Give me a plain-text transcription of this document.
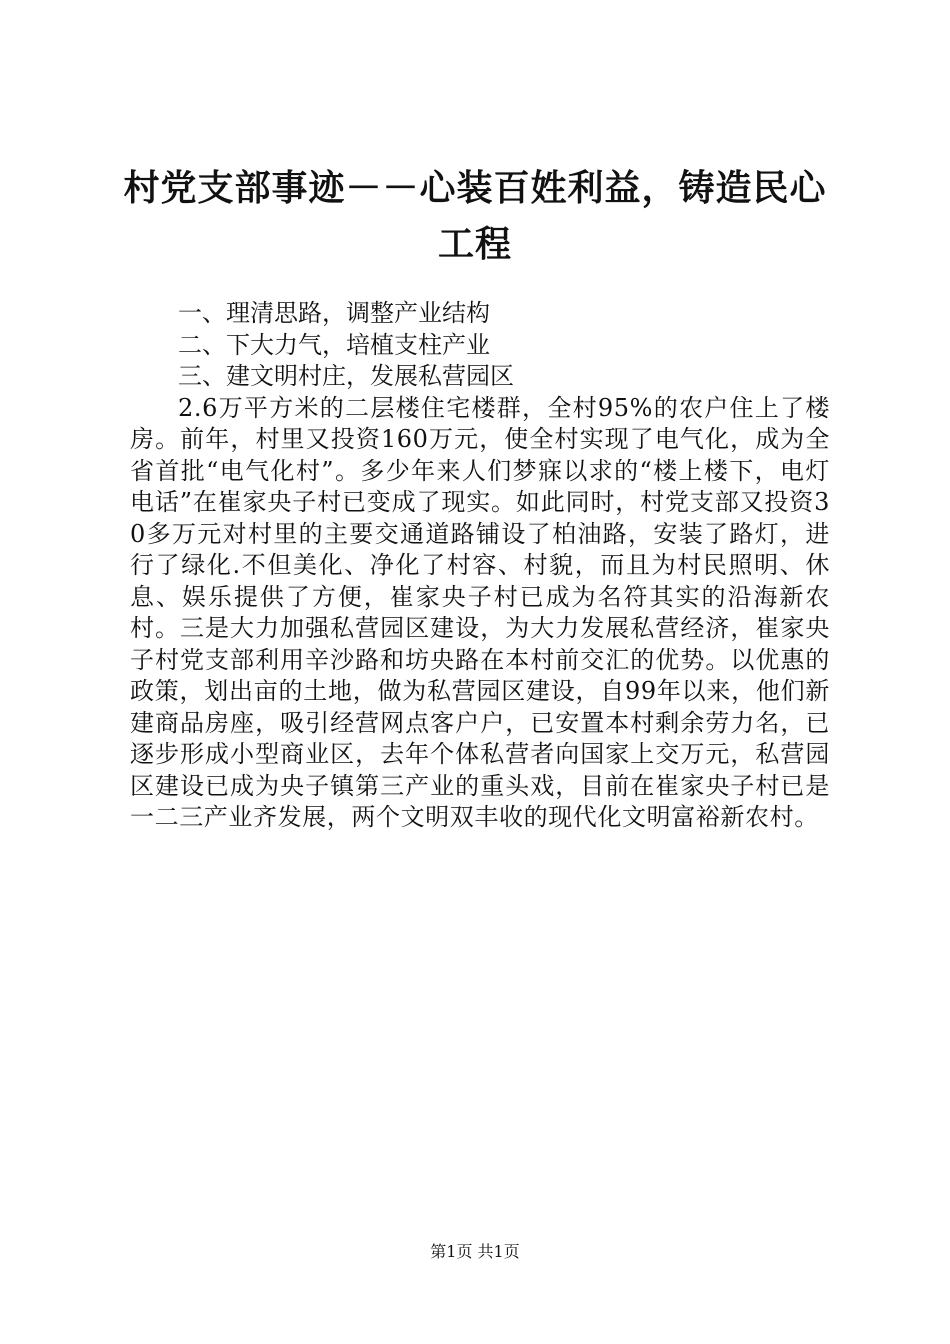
村党支部事迹－－心装百姓利益，铸造民心工程

一、理清思路，调整产业结构

二、下大力气，培植支柱产业

三、建文明村庄，发展私营园区

2.6万平方米的二层楼住宅楼群，全村95%的农户住上了楼房。前年，村里又投资160万元，使全村实现了电气化，成为全省首批“电气化村”。多少年来人们梦寐以求的“楼上楼下，电灯电话”在崔家央子村已变成了现实。如此同时，村党支部又投资30多万元对村里的主要交通道路铺设了柏油路，安装了路灯，进行了绿化.不但美化、净化了村容、村貌，而且为村民照明、休息、娱乐提供了方便，崔家央子村已成为名符其实的沿海新农村。三是大力加强私营园区建设，为大力发展私营经济，崔家央子村党支部利用辛沙路和坊央路在本村前交汇的优势。以优惠的政策，划出亩的土地，做为私营园区建设，自99年以来，他们新建商品房座，吸引经营网点客户户，已安置本村剩余劳力名，已逐步形成小型商业区，去年个体私营者向国家上交万元，私营园区建设已成为央子镇第三产业的重头戏，目前在崔家央子村已是一二三产业齐发展，两个文明双丰收的现代化文明富裕新农村。

第1页 共1页
